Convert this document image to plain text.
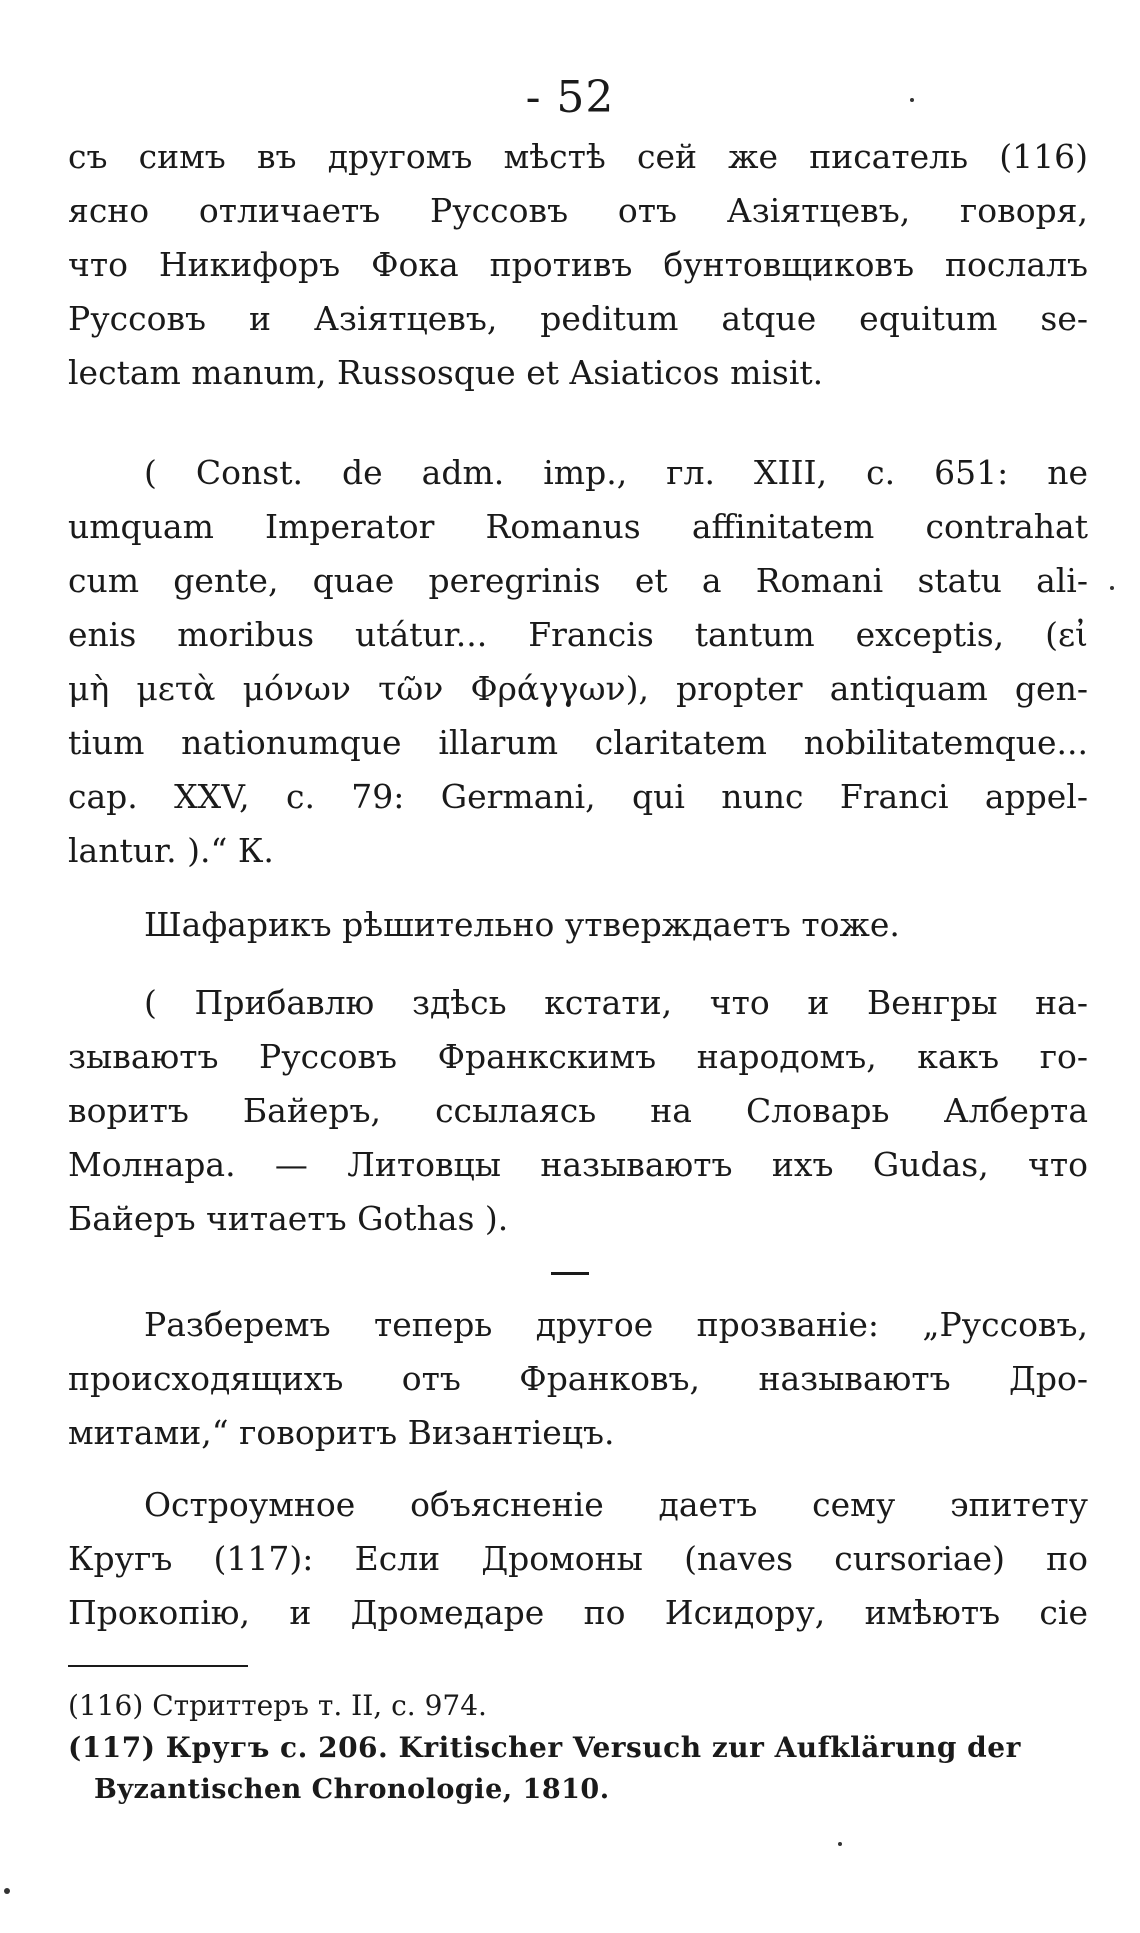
- 52
съ симъ въ другомъ мѣстѣ сей же писатель (116)
ясно отличаетъ Руссовъ отъ Азіятцевъ, говоря,
что Никифоръ Фока противъ бунтовщиковъ послалъ
Руссовъ и Азіятцевъ, peditum atque equitum se-
lectam manum, Russosque et Asiaticos misit.
( Const. de adm. imp., гл. XIII, с. 651: ne
umquam Imperator Romanus affinitatem contrahat
cum gente, quae peregrinis et a Romani statu ali-
enis moribus utátur... Francis tantum exceptis, (εἰ
μὴ μετὰ μόνων τῶν Φράγγων), propter antiquam gen-
tium nationumque illarum claritatem nobilitatemque...
cap. XXV, с. 79: Germani, qui nunc Franci appel-
lantur. ).“ К.
Шафарикъ рѣшительно утверждаетъ тоже.
( Прибавлю здѣсь кстати, что и Венгры на-
зываютъ Руссовъ Франкскимъ народомъ, какъ го-
воритъ Байеръ, ссылаясь на Словарь Алберта
Молнара. — Литовцы называютъ ихъ Gudas, что
Байеръ читаетъ Gothas ).
Разберемъ теперь другое прозваніе: „Руссовъ,
происходящихъ отъ Франковъ, называютъ Дро-
митами,“ говоритъ Византіецъ.
Остроумное объясненіе даетъ сему эпитету
Кругъ (117): Если Дромоны (naves cursoriae) по
Прокопію, и Дромедаре по Исидору, имѣютъ сіе
(116) Стриттеръ т. II, с. 974.
(117) Кругъ с. 206. Kritischer Versuch zur Aufklärung der
Byzantischen Chronologie, 1810.
